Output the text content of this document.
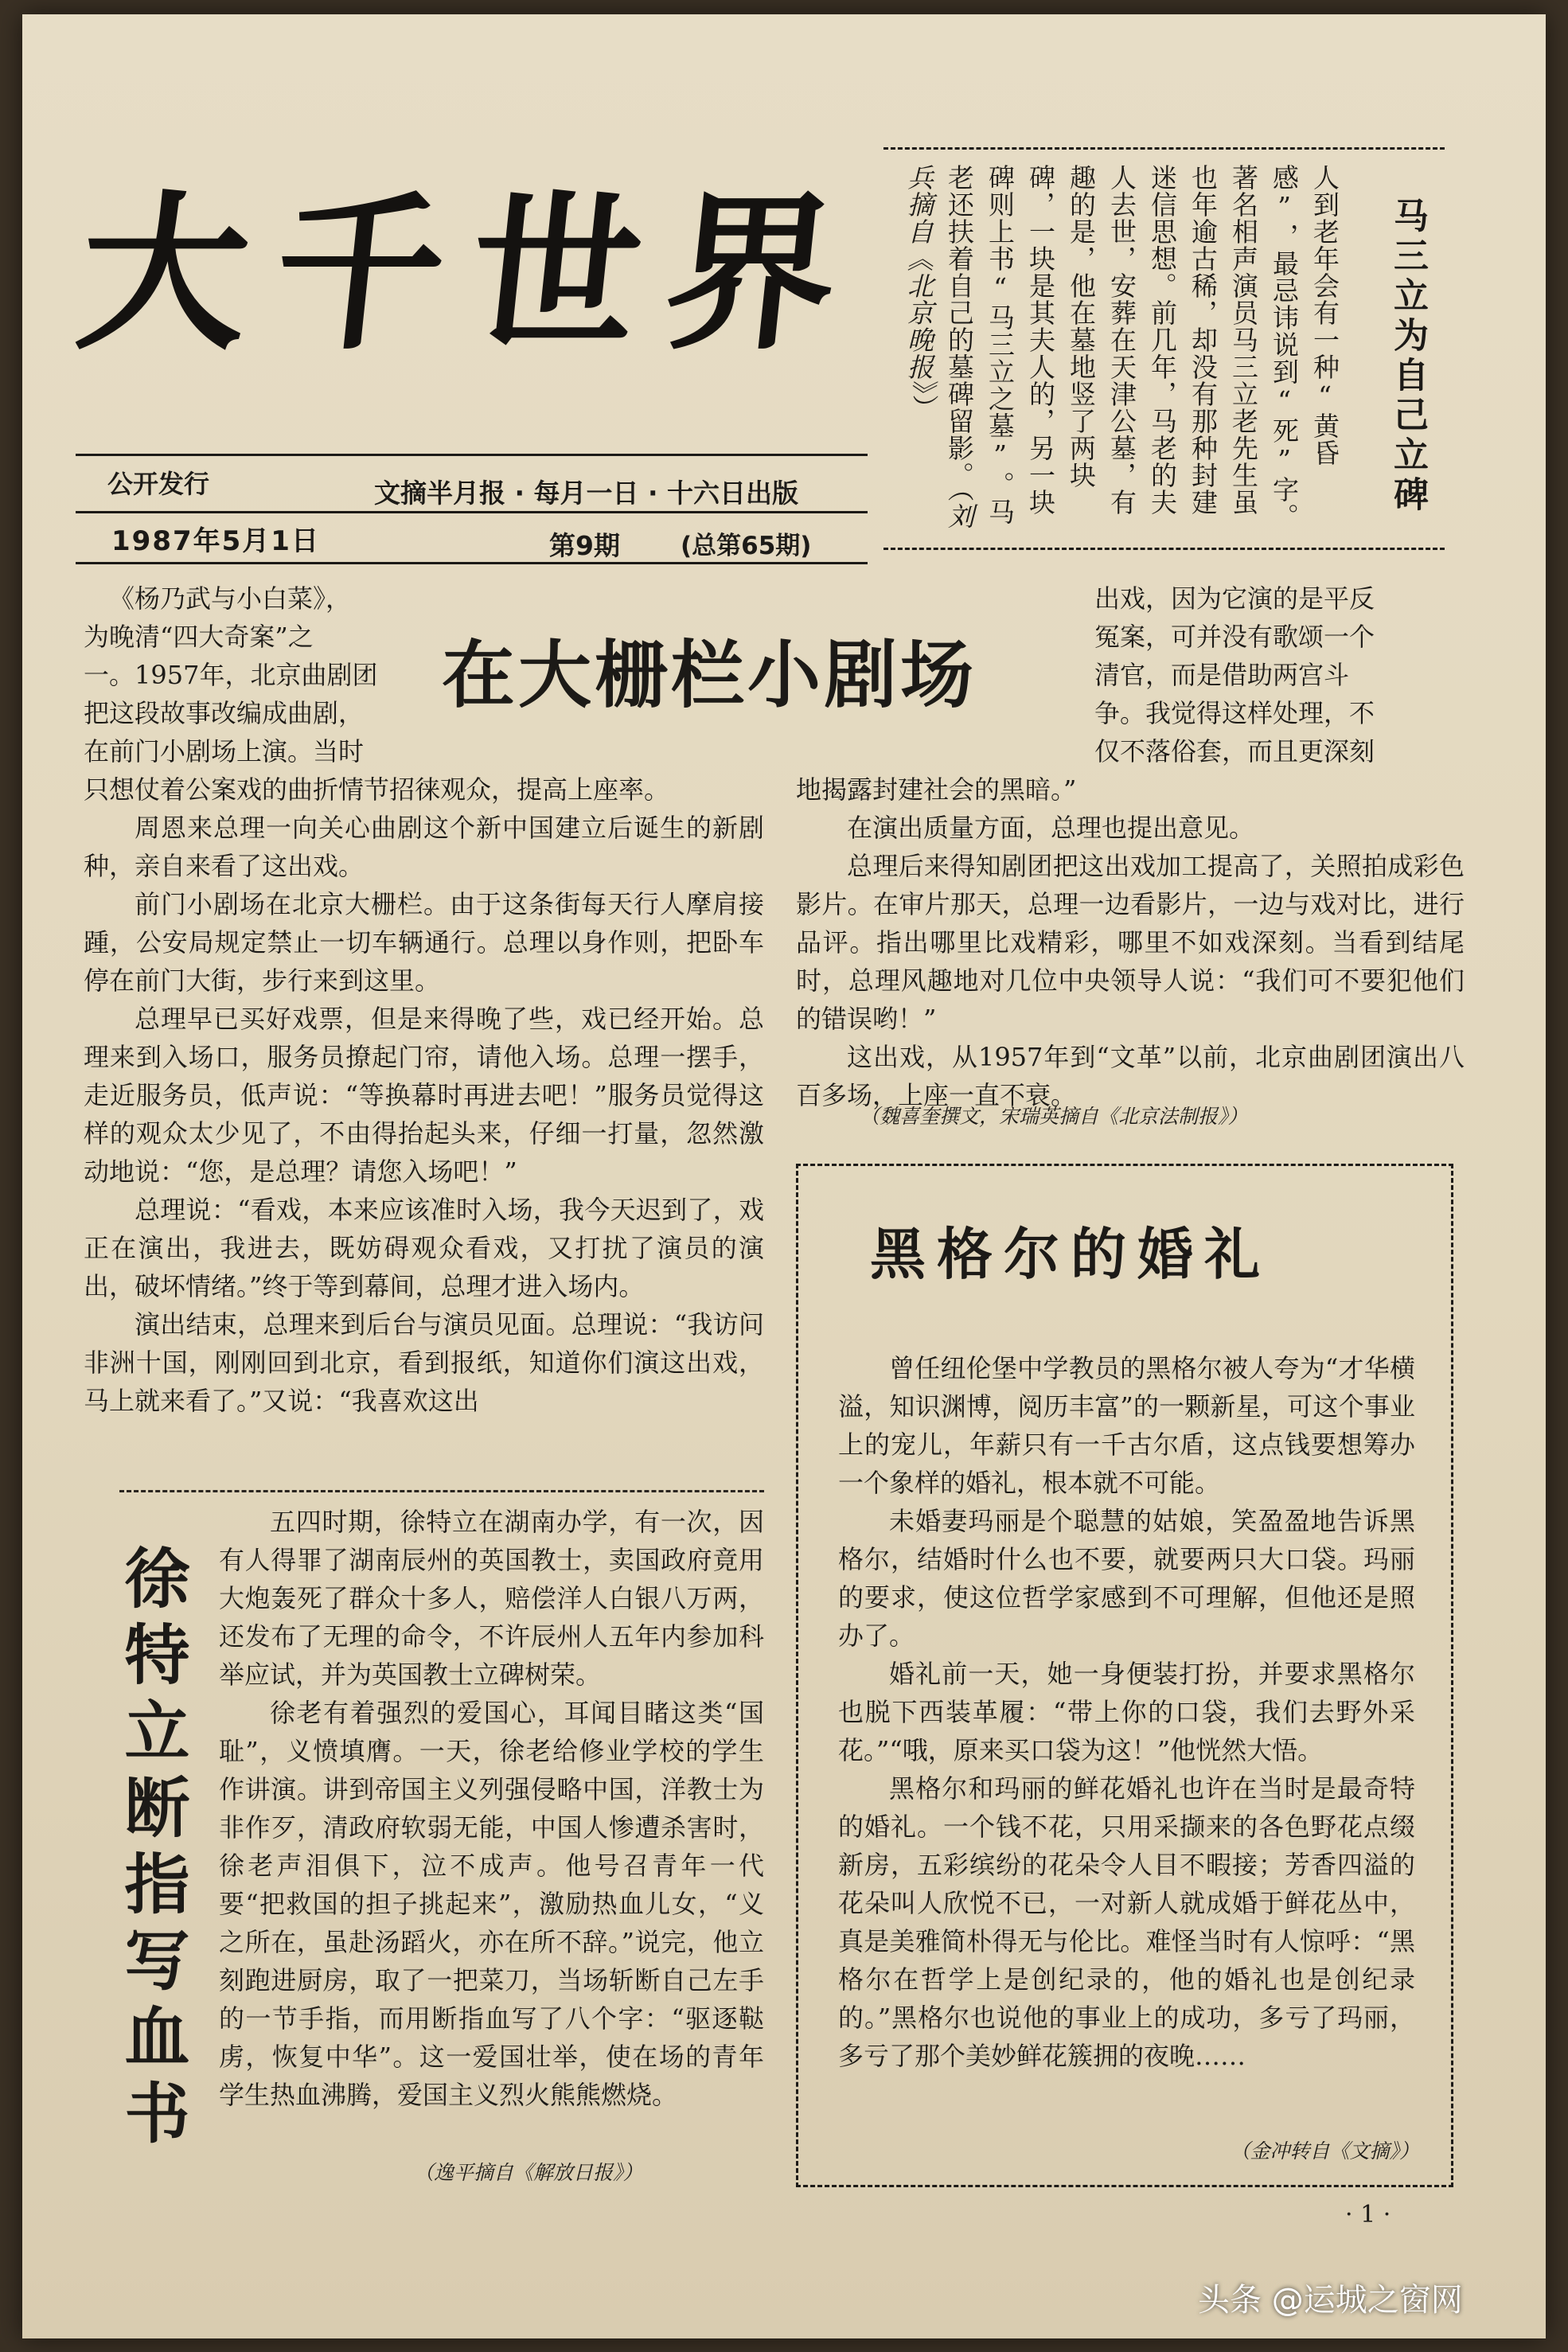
大千世界
公开发行	文摘半月报 · 每月一日 · 十六日出版
1987年5月1日	第9期 (总第65期)
人到老年会有一种“黄昏感”，最忌讳说到“死”字。著名相声演员马三立老先生虽也年逾古稀，却没有那种封建迷信思想。前几年，马老的夫人去世，安葬在天津公墓，有趣的是，他在墓地竖了两块碑，一块是其夫人的，另一块碑则上书“马三立之墓”。马老还扶着自己的墓碑留影。（刘兵摘自《北京晚报》）	马三立为自己立碑
在大栅栏小剧场
《杨乃武与小白菜》，
为晚清“四大奇案”之
一。1957年，北京曲剧团
把这段故事改编成曲剧，
在前门小剧场上演。当时
出戏，因为它演的是平反
冤案，可并没有歌颂一个
清官，而是借助两宫斗
争。我觉得这样处理，不
仅不落俗套，而且更深刻

只想仗着公案戏的曲折情节招徕观众，提高上座率。

周恩来总理一向关心曲剧这个新中国建立后诞生的新剧种，亲自来看了这出戏。

前门小剧场在北京大栅栏。由于这条街每天行人摩肩接踵，公安局规定禁止一切车辆通行。总理以身作则，把卧车停在前门大街，步行来到这里。

总理早已买好戏票，但是来得晚了些，戏已经开始。总理来到入场口，服务员撩起门帘，请他入场。总理一摆手，走近服务员，低声说：“等换幕时再进去吧！”服务员觉得这样的观众太少见了，不由得抬起头来，仔细一打量，忽然激动地说：“您，是总理？请您入场吧！”

总理说：“看戏，本来应该准时入场，我今天迟到了，戏正在演出，我进去，既妨碍观众看戏，又打扰了演员的演出，破坏情绪。”终于等到幕间，总理才进入场内。

演出结束，总理来到后台与演员见面。总理说：“我访问非洲十国，刚刚回到北京，看到报纸，知道你们演这出戏，马上就来看了。”又说：“我喜欢这出

地揭露封建社会的黑暗。”

在演出质量方面，总理也提出意见。

总理后来得知剧团把这出戏加工提高了，关照拍成彩色影片。在审片那天，总理一边看影片，一边与戏对比，进行品评。指出哪里比戏精彩，哪里不如戏深刻。当看到结尾时，总理风趣地对几位中央领导人说：“我们可不要犯他们的错误哟！”

这出戏，从1957年到“文革”以前，北京曲剧团演出八百多场，上座一直不衰。

（魏喜奎撰文，宋瑞英摘自《北京法制报》）
徐特立断指写血书

五四时期，徐特立在湖南办学，有一次，因有人得罪了湖南辰州的英国教士，卖国政府竟用大炮轰死了群众十多人，赔偿洋人白银八万两，还发布了无理的命令，不许辰州人五年内参加科举应试，并为英国教士立碑树荣。

徐老有着强烈的爱国心，耳闻目睹这类“国耻”，义愤填膺。一天，徐老给修业学校的学生作讲演。讲到帝国主义列强侵略中国，洋教士为非作歹，清政府软弱无能，中国人惨遭杀害时，徐老声泪俱下，泣不成声。他号召青年一代要“把救国的担子挑起来”，激励热血儿女，“义之所在，虽赴汤蹈火，亦在所不辞。”说完，他立刻跑进厨房，取了一把菜刀，当场斩断自己左手的一节手指，而用断指血写了八个字：“驱逐鞑虏，恢复中华”。这一爱国壮举，使在场的青年学生热血沸腾，爱国主义烈火熊熊燃烧。

（逸平摘自《解放日报》）
黑格尔的婚礼

曾任纽伦堡中学教员的黑格尔被人夸为“才华横溢，知识渊博，阅历丰富”的一颗新星，可这个事业上的宠儿，年薪只有一千古尔盾，这点钱要想筹办一个象样的婚礼，根本就不可能。

未婚妻玛丽是个聪慧的姑娘，笑盈盈地告诉黑格尔，结婚时什么也不要，就要两只大口袋。玛丽的要求，使这位哲学家感到不可理解，但他还是照办了。

婚礼前一天，她一身便装打扮，并要求黑格尔也脱下西装革履：“带上你的口袋，我们去野外采花。”“哦，原来买口袋为这！”他恍然大悟。

黑格尔和玛丽的鲜花婚礼也许在当时是最奇特的婚礼。一个钱不花，只用采撷来的各色野花点缀新房，五彩缤纷的花朵令人目不暇接；芳香四溢的花朵叫人欣悦不已，一对新人就成婚于鲜花丛中，真是美雅简朴得无与伦比。难怪当时有人惊呼：“黑格尔在哲学上是创纪录的，他的婚礼也是创纪录的。”黑格尔也说他的事业上的成功，多亏了玛丽，多亏了那个美妙鲜花簇拥的夜晚……

（金冲转自《文摘》）
· 1 ·
头条 @运城之窗网
